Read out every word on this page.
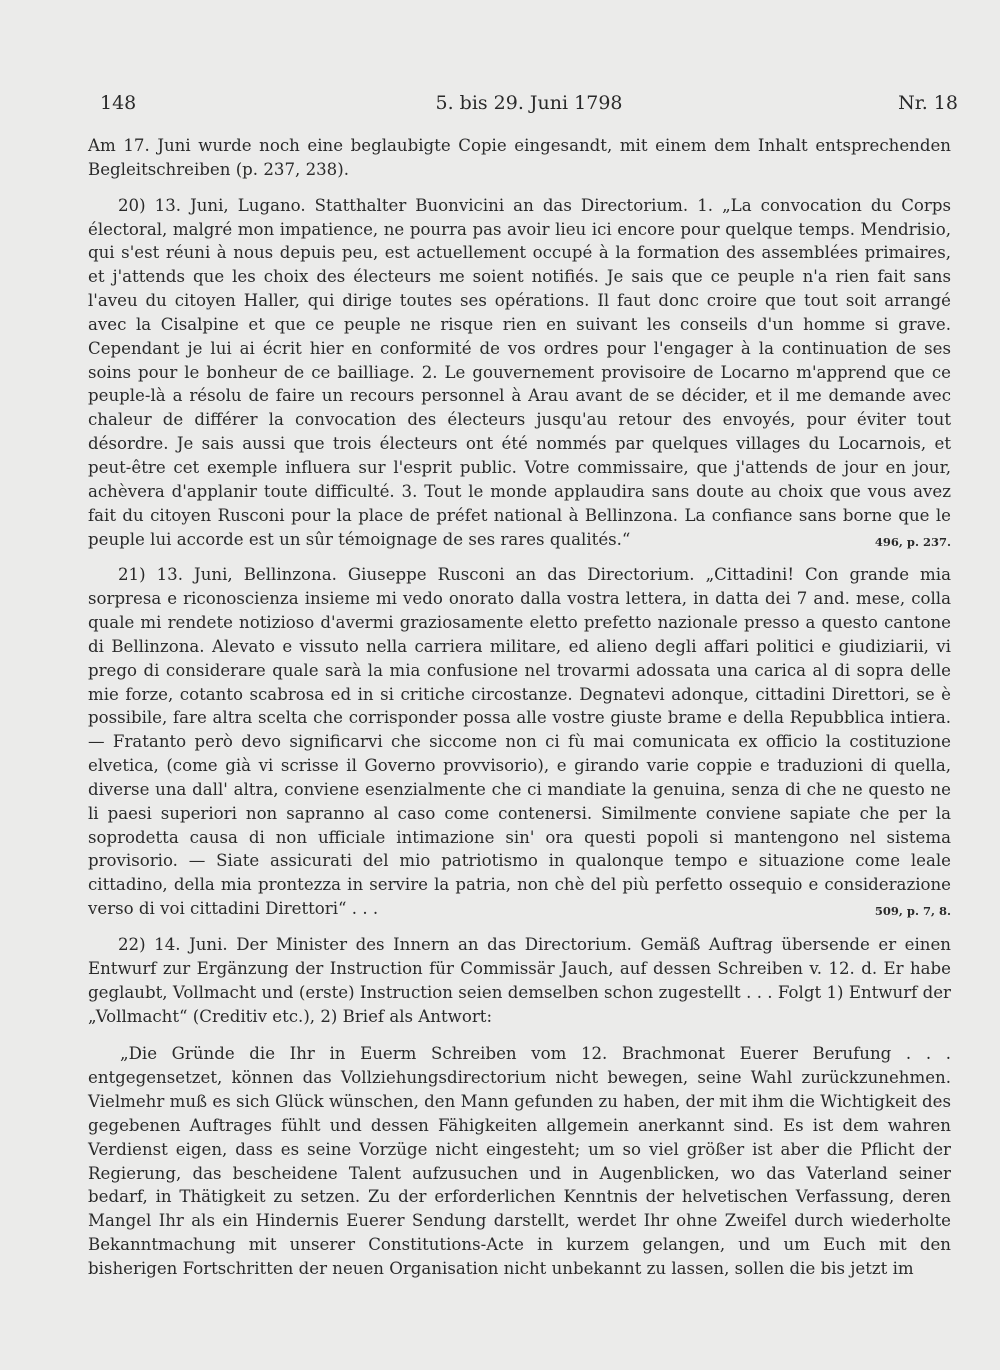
148	5. bis 29. Juni 1798	Nr. 18

Am 17. Juni wurde noch eine beglaubigte Copie eingesandt, mit einem dem Inhalt entsprechenden Begleitschreiben (p. 237, 238).

20) 13. Juni, Lugano. Statthalter Buonvicini an das Directorium. 1. „La convocation du Corps électoral, malgré mon impatience, ne pourra pas avoir lieu ici encore pour quelque temps. Mendrisio, qui s'est réuni à nous depuis peu, est actuellement occupé à la formation des assemblées primaires, et j'attends que les choix des électeurs me soient notifiés. Je sais que ce peuple n'a rien fait sans l'aveu du citoyen Haller, qui dirige toutes ses opérations. Il faut donc croire que tout soit arrangé avec la Cisalpine et que ce peuple ne risque rien en suivant les conseils d'un homme si grave. Cependant je lui ai écrit hier en conformité de vos ordres pour l'engager à la continuation de ses soins pour le bonheur de ce bailliage. 2. Le gouvernement provisoire de Locarno m'apprend que ce peuple-là a résolu de faire un recours personnel à Arau avant de se décider, et il me demande avec chaleur de différer la convocation des électeurs jusqu'au retour des envoyés, pour éviter tout désordre. Je sais aussi que trois électeurs ont été nommés par quelques villages du Locarnois, et peut-être cet exemple influera sur l'esprit public. Votre commissaire, que j'attends de jour en jour, achèvera d'applanir toute difficulté. 3. Tout le monde applaudira sans doute au choix que vous avez fait du citoyen Rusconi pour la place de préfet national à Bellinzona. La confiance sans borne que le peuple lui accorde est un sûr témoignage de ses rares qualités.“	496, p. 237.

21) 13. Juni, Bellinzona. Giuseppe Rusconi an das Directorium. „Cittadini! Con grande mia sorpresa e riconoscienza insieme mi vedo onorato dalla vostra lettera, in datta dei 7 and. mese, colla quale mi rendete notizioso d'avermi graziosamente eletto prefetto nazionale presso a questo cantone di Bellinzona. Alevato e vissuto nella carriera militare, ed alieno degli affari politici e giudiziarii, vi prego di considerare quale sarà la mia confusione nel trovarmi adossata una carica al di sopra delle mie forze, cotanto scabrosa ed in si critiche circostanze. Degnatevi adonque, cittadini Direttori, se è possibile, fare altra scelta che corrisponder possa alle vostre giuste brame e della Repubblica intiera. — Fratanto però devo significarvi che siccome non ci fù mai comunicata ex officio la costituzione elvetica, (come già vi scrisse il Governo provvisorio), e girando varie coppie e traduzioni di quella, diverse una dall' altra, conviene esenzialmente che ci mandiate la genuina, senza di che ne questo ne li paesi superiori non sapranno al caso come contenersi. Similmente conviene sapiate che per la soprodetta causa di non ufficiale intimazione sin' ora questi popoli si mantengono nel sistema provisorio. — Siate assicurati del mio patriotismo in qualonque tempo e situazione come leale cittadino, della mia prontezza in servire la patria, non chè del più perfetto ossequio e considerazione verso di voi cittadini Direttori“ . . .	509, p. 7, 8.

22) 14. Juni. Der Minister des Innern an das Directorium. Gemäß Auftrag übersende er einen Entwurf zur Ergänzung der Instruction für Commissär Jauch, auf dessen Schreiben v. 12. d. Er habe geglaubt, Vollmacht und (erste) Instruction seien demselben schon zugestellt . . . Folgt 1) Entwurf der „Vollmacht“ (Creditiv etc.), 2) Brief als Antwort:

„Die Gründe die Ihr in Euerm Schreiben vom 12. Brachmonat Euerer Berufung . . . entgegensetzet, können das Vollziehungsdirectorium nicht bewegen, seine Wahl zurückzunehmen. Vielmehr muß es sich Glück wünschen, den Mann gefunden zu haben, der mit ihm die Wichtigkeit des gegebenen Auftrages fühlt und dessen Fähigkeiten allgemein anerkannt sind. Es ist dem wahren Verdienst eigen, dass es seine Vorzüge nicht eingesteht; um so viel größer ist aber die Pflicht der Regierung, das bescheidene Talent aufzusuchen und in Augenblicken, wo das Vaterland seiner bedarf, in Thätigkeit zu setzen. Zu der erforderlichen Kenntnis der helvetischen Verfassung, deren Mangel Ihr als ein Hindernis Euerer Sendung darstellt, werdet Ihr ohne Zweifel durch wiederholte Bekanntmachung mit unserer Constitutions-Acte in kurzem gelangen, und um Euch mit den bisherigen Fortschritten der neuen Organisation nicht unbekannt zu lassen, sollen die bis jetzt im
